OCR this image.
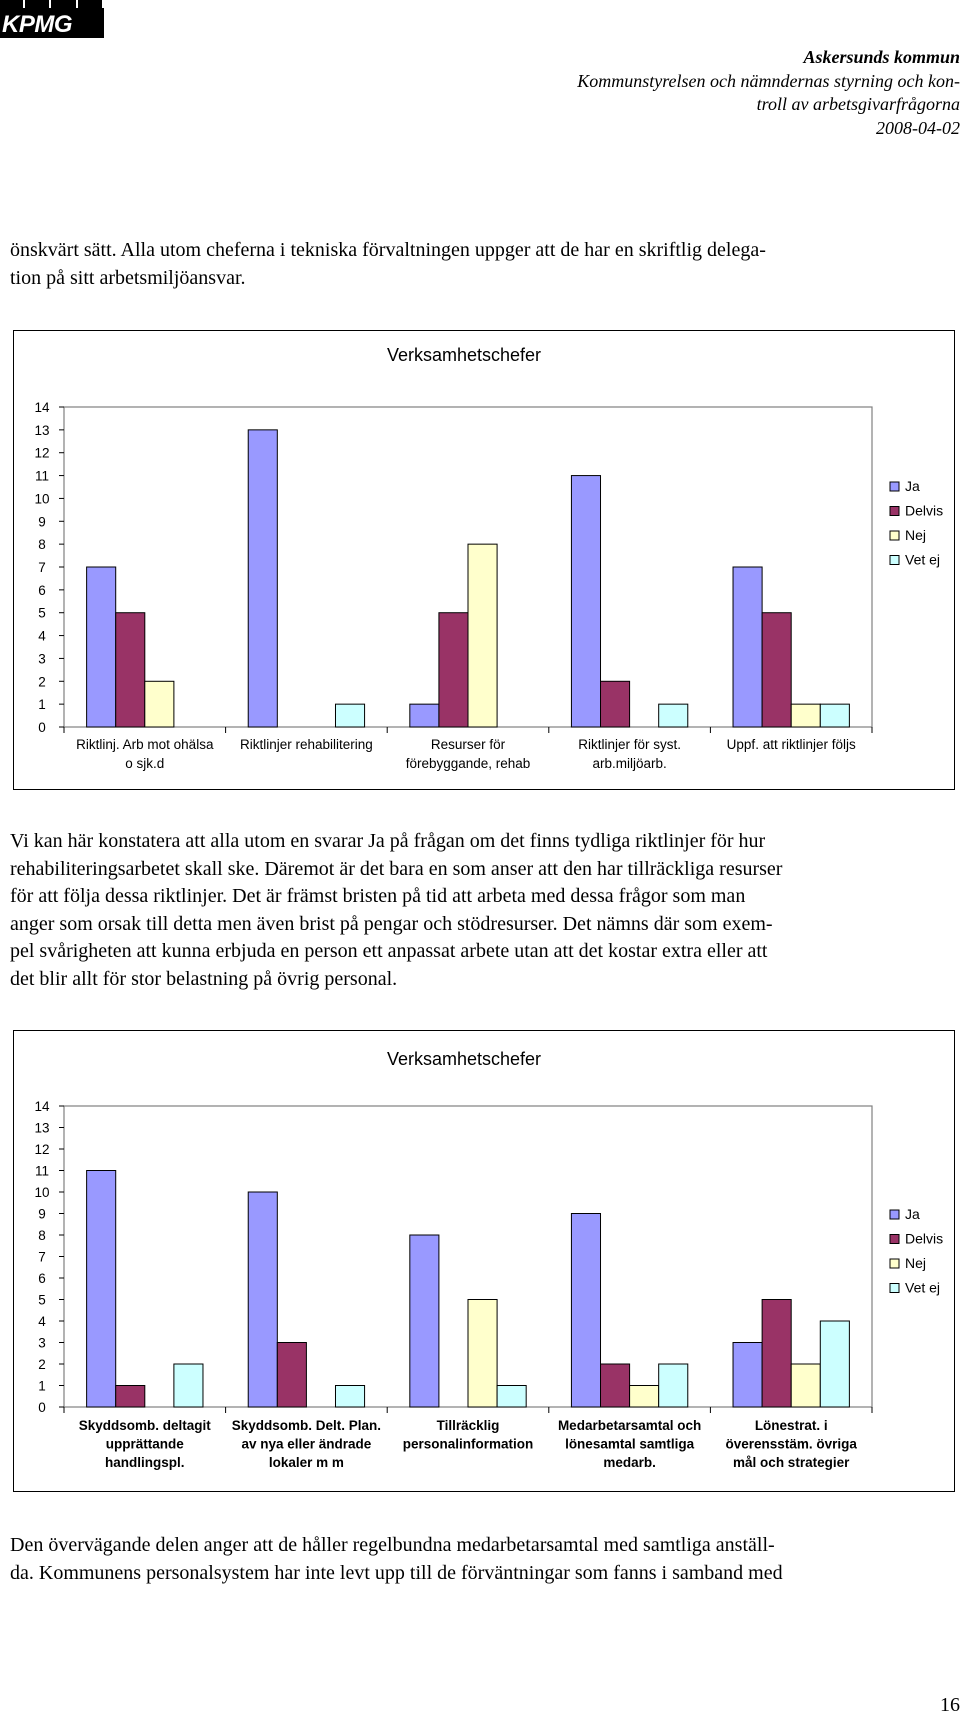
KPMG
Askersunds kommun
Kommunstyrelsen och nämndernas styrning och kon-
troll av arbetsgivarfrågorna
2008-04-02
önskvärt sätt. Alla utom cheferna i tekniska förvaltningen uppger att de har en skriftlig delega-
tion på sitt arbetsmiljöansvar.
Verksamhetschefer
0
1
2
3
4
5
6
7
8
9
10
11
12
13
14
Riktlinj. Arb mot ohälsa
o sjk.d
Riktlinjer rehabilitering	Resurser för
förebyggande, rehab
Riktlinjer för syst.
arb.miljöarb.
Uppf. att riktlinjer följs
Ja
Delvis
Nej
Vet ej
Vi kan här konstatera att alla utom en svarar Ja på frågan om det finns tydliga riktlinjer för hur
rehabiliteringsarbetet skall ske. Däremot är det bara en som anser att den har tillräckliga resurser
för att följa dessa riktlinjer. Det är främst bristen på tid att arbeta med dessa frågor som man
anger som orsak till detta men även brist på pengar och stödresurser. Det nämns där som exem-
pel svårigheten att kunna erbjuda en person ett anpassat arbete utan att det kostar extra eller att
det blir allt för stor belastning på övrig personal.
Verksamhetschefer
0
1
2
3
4
5
6
7
8
9
10
11
12
13
14
Skyddsomb. deltagit
upprättande
handlingspl.
Skyddsomb. Delt. Plan.
av nya eller ändrade
lokaler m m
Tillräcklig
personalinformation
Medarbetarsamtal och
lönesamtal samtliga
medarb.
Lönestrat. i
överensstäm. övriga
mål och strategier
Ja
Delvis
Nej
Vet ej
Den övervägande delen anger att de håller regelbundna medarbetarsamtal med samtliga anställ-
da. Kommunens personalsystem har inte levt upp till de förväntningar som fanns i samband med
16
